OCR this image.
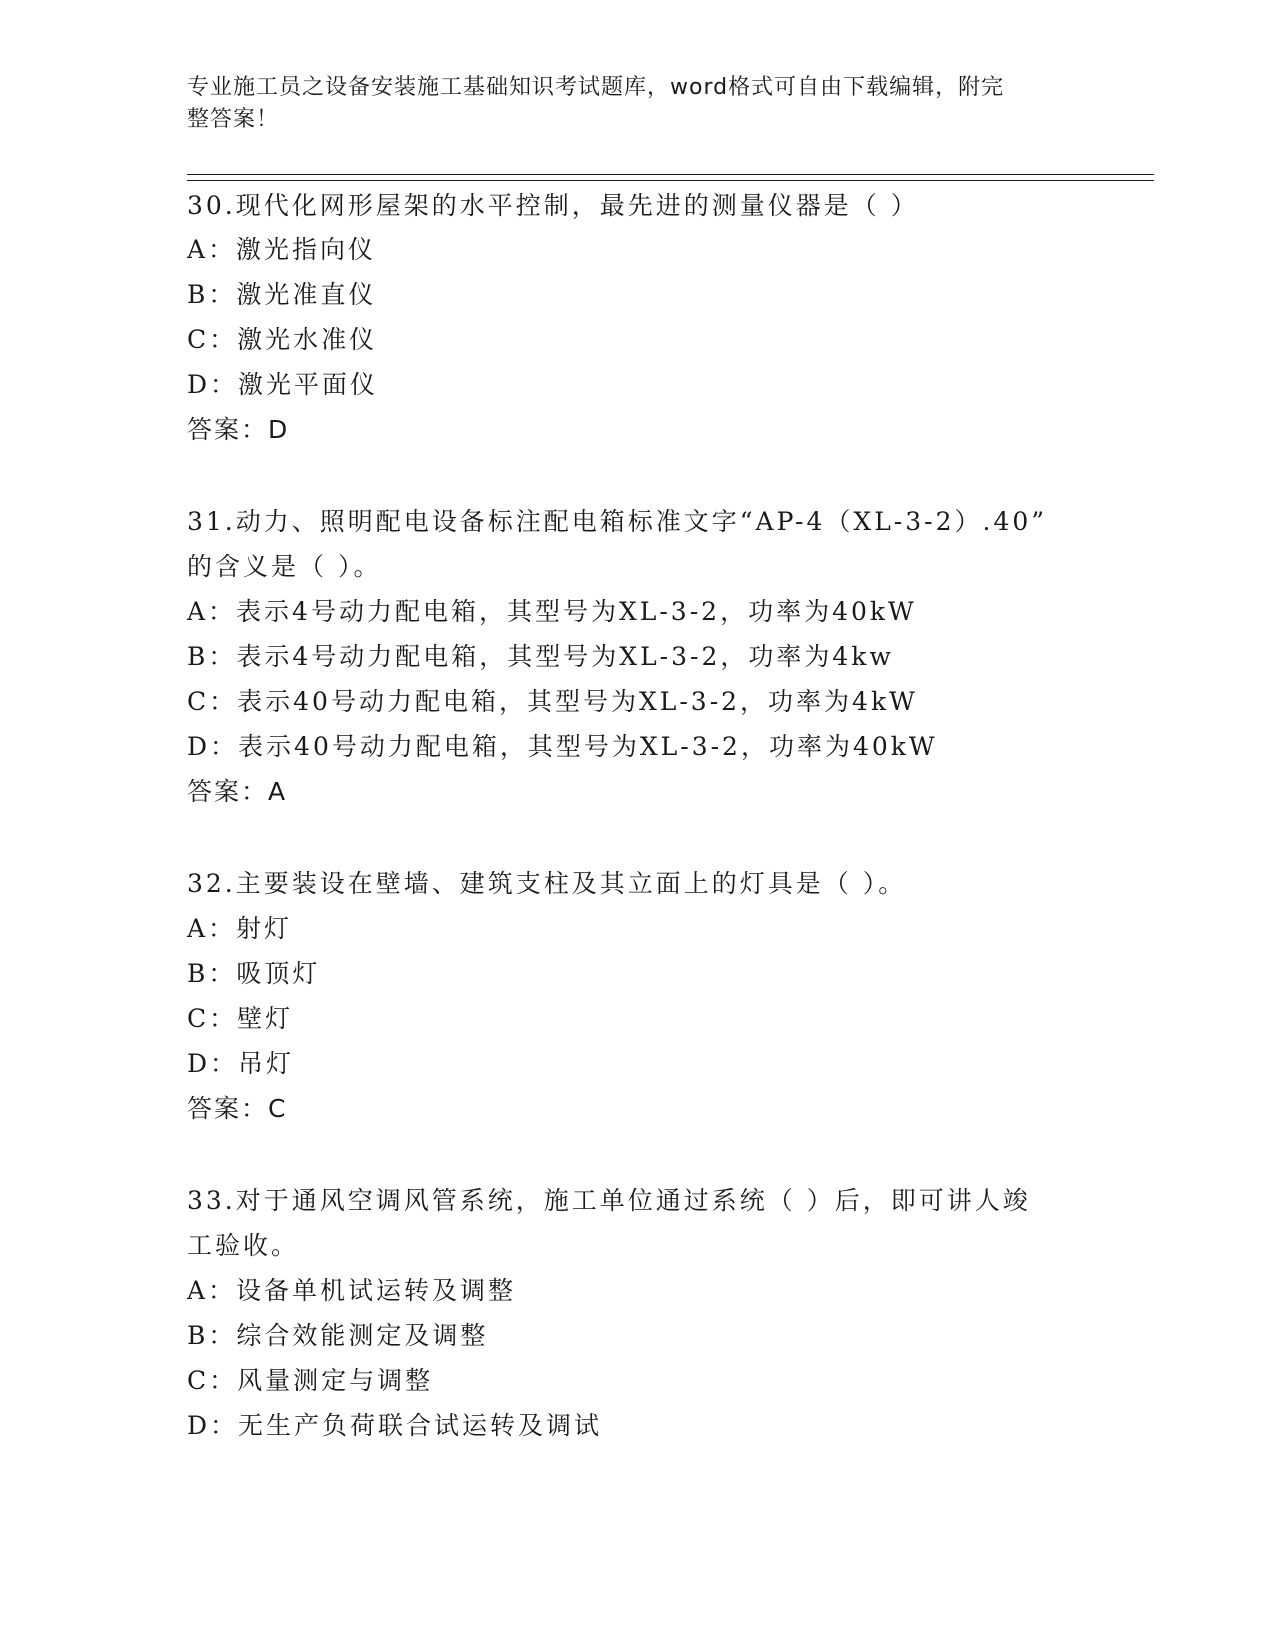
专业施工员之设备安装施工基础知识考试题库，word格式可自由下载编辑，附完
整答案！
30.现代化网形屋架的水平控制，最先进的测量仪器是（ ）
A：激光指向仪
B：激光准直仪
C：激光水准仪
D：激光平面仪
答案：D
31.动力、照明配电设备标注配电箱标准文字“AP-4（XL-3-2）.40”
的含义是（ ）。
A：表示4号动力配电箱，其型号为XL-3-2，功率为40kW
B：表示4号动力配电箱，其型号为XL-3-2，功率为4kw
C：表示40号动力配电箱，其型号为XL-3-2，功率为4kW
D：表示40号动力配电箱，其型号为XL-3-2，功率为40kW
答案：A
32.主要装设在壁墙、建筑支柱及其立面上的灯具是（ ）。
A：射灯
B：吸顶灯
C：壁灯
D：吊灯
答案：C
33.对于通风空调风管系统，施工单位通过系统（ ）后，即可讲人竣
工验收。
A：设备单机试运转及调整
B：综合效能测定及调整
C：风量测定与调整
D：无生产负荷联合试运转及调试
